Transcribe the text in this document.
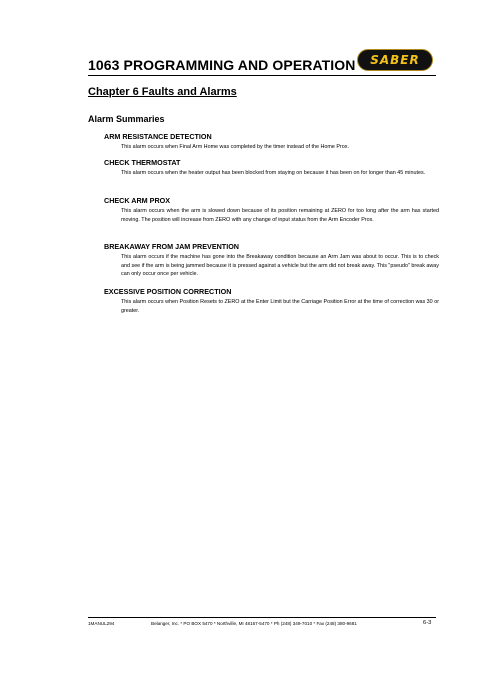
1063 PROGRAMMING AND OPERATION SABER
Chapter 6 Faults and Alarms
Alarm Summaries
ARM RESISTANCE DETECTION
This alarm occurs when Final Arm Home was completed by the timer instead of the Home Prox.
CHECK THERMOSTAT
This alarm occurs when the heater output has been blocked from staying on because it has been on for longer than 45 minutes.
CHECK ARM PROX
This alarm occurs when the arm is slowed down because of its position remaining at ZERO for too long after the arm has started moving. The position will increase from ZERO with any change of input status from the Arm Encoder Prox.
BREAKAWAY FROM JAM PREVENTION
This alarm occurs if the machine has gone into the Breakaway condition because an Arm Jam was about to occur. This is to check and see if the arm is being jammed because it is pressed against a vehicle but the arm did not break away. This "pseudo" break away can only occur once per vehicle.
EXCESSIVE POSITION CORRECTION
This alarm occurs when Position Resets to ZERO at the Enter Limit but the Carriage Position Error at the time of correction was 30 or greater.
1MANUL294	Belanger, Inc. * PO BOX 5470 * Northville, MI 48167-5470 * Ph (248) 349-7010 * Fax (248) 380-9681	6-3
